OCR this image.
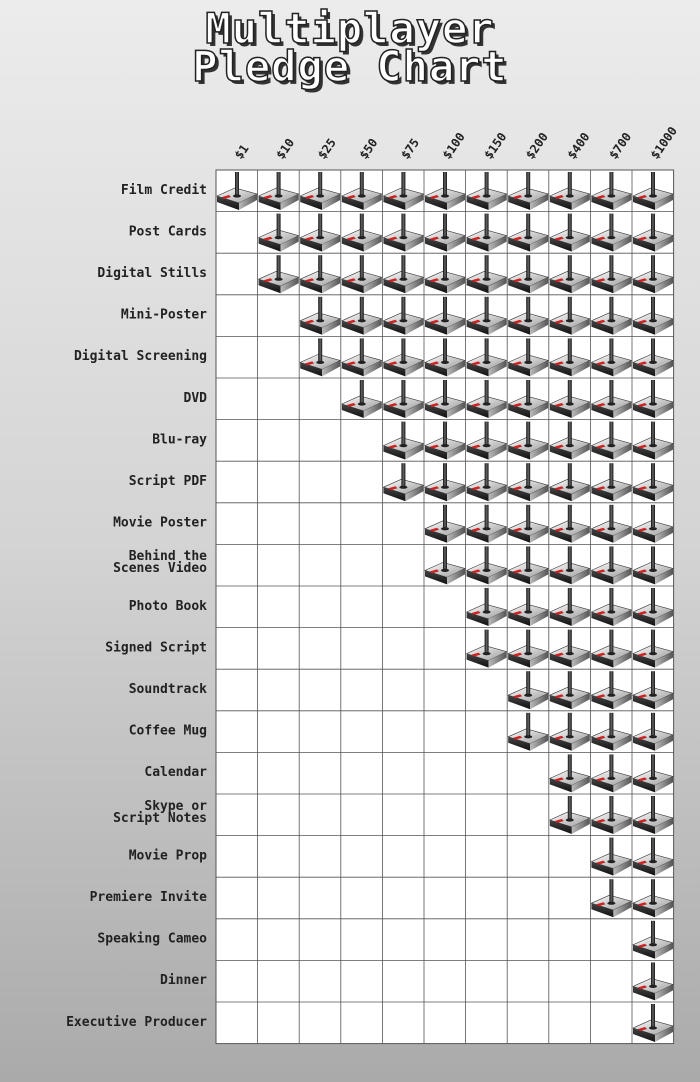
Multiplayer
Pledge Chart
$1 $10 $25 $50 $75 $100 $150 $200 $400 $700 $1000
Film Credit
Post Cards
Digital Stills
Mini-Poster
Digital Screening
DVD
Blu-ray
Script PDF
Movie Poster
Behind the Scenes Video
Photo Book
Signed Script
Soundtrack
Coffee Mug
Calendar
Skype or Script Notes
Movie Prop
Premiere Invite
Speaking Cameo
Dinner
Executive Producer
